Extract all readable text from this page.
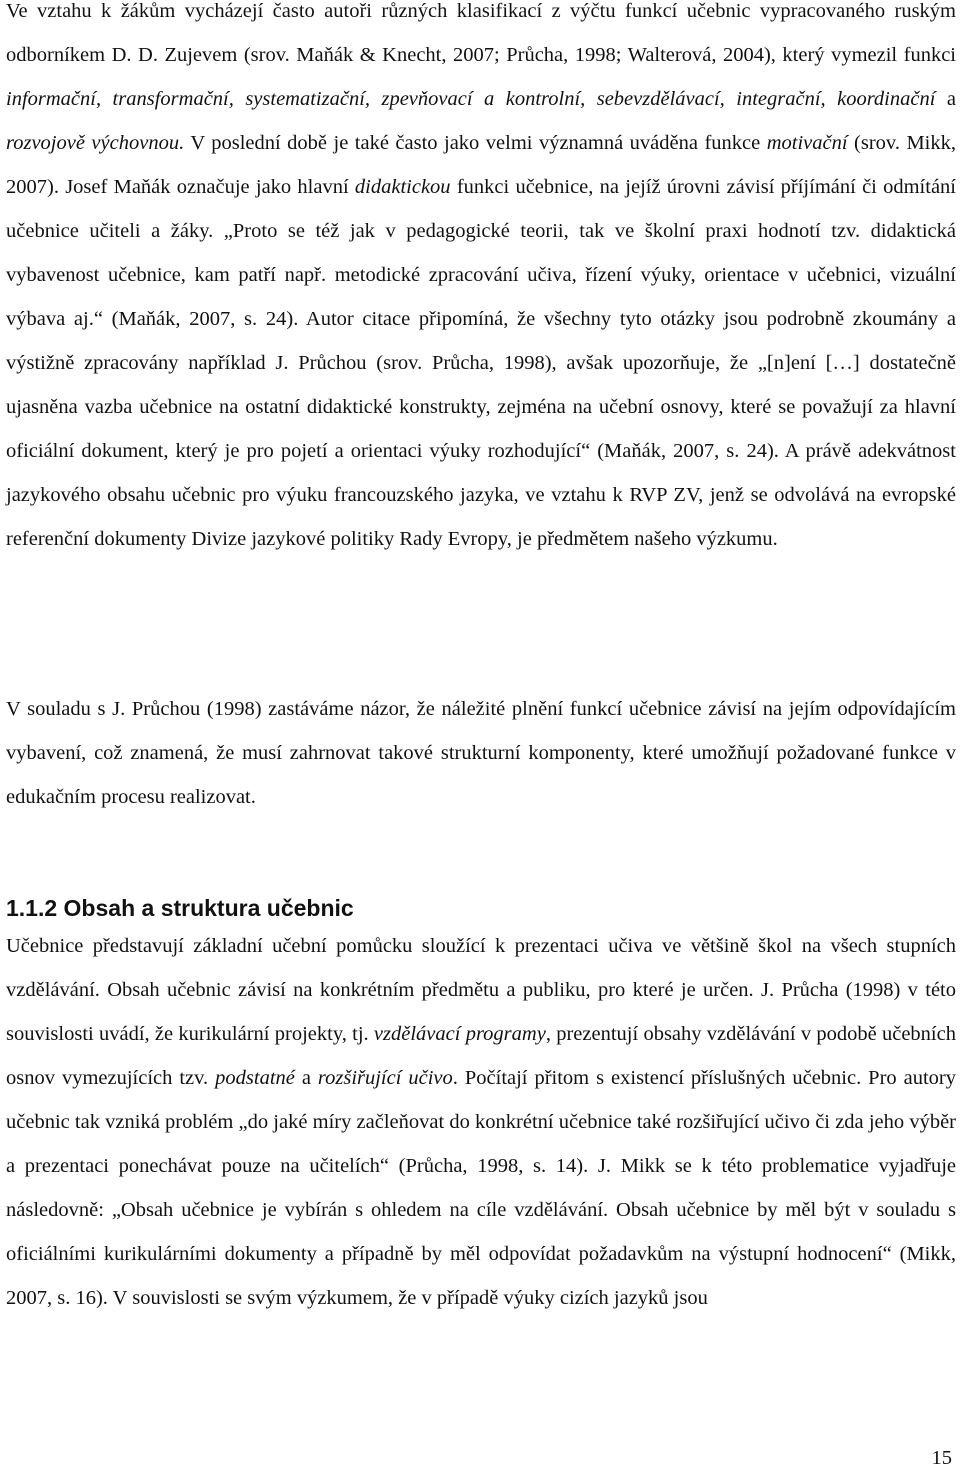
Ve vztahu k žákům vycházejí často autoři různých klasifikací z výčtu funkcí učebnic vypracovaného ruským odborníkem D. D. Zujevem (srov. Maňák & Knecht, 2007; Průcha, 1998; Walterová, 2004), který vymezil funkci informační, transformační, systematizační, zpevňovací a kontrolní, sebevzdělávací, integrační, koordinační a rozvojově výchovnou. V poslední době je také často jako velmi významná uváděna funkce motivační (srov. Mikk, 2007). Josef Maňák označuje jako hlavní didaktickou funkci učebnice, na jejíž úrovni závisí příjímání či odmítání učebnice učiteli a žáky. „Proto se též jak v pedagogické teorii, tak ve školní praxi hodnotí tzv. didaktická vybavenost učebnice, kam patří např. metodické zpracování učiva, řízení výuky, orientace v učebnici, vizuální výbava aj.“ (Maňák, 2007, s. 24). Autor citace připomíná, že všechny tyto otázky jsou podrobně zkoumány a výstižně zpracovány například J. Průchou (srov. Průcha, 1998), avšak upozorňuje, že „[n]ení […] dostatečně ujasněna vazba učebnice na ostatní didaktické konstrukty, zejména na učební osnovy, které se považují za hlavní oficiální dokument, který je pro pojetí a orientaci výuky rozhodující“ (Maňák, 2007, s. 24). A právě adekvátnost jazykového obsahu učebnic pro výuku francouzského jazyka, ve vztahu k RVP ZV, jenž se odvolává na evropské referenční dokumenty Divize jazykové politiky Rady Evropy, je předmětem našeho výzkumu.

V souladu s J. Průchou (1998) zastáváme názor, že náležité plnění funkcí učebnice závisí na jejím odpovídajícím vybavení, což znamená, že musí zahrnovat takové strukturní komponenty, které umožňují požadované funkce v edukačním procesu realizovat.

1.1.2 Obsah a struktura učebnic

Učebnice představují základní učební pomůcku sloužící k prezentaci učiva ve většině škol na všech stupních vzdělávání. Obsah učebnic závisí na konkrétním předmětu a publiku, pro které je určen. J. Průcha (1998) v této souvislosti uvádí, že kurikulární projekty, tj. vzdělávací programy, prezentují obsahy vzdělávání v podobě učebních osnov vymezujících tzv. podstatné a rozšiřující učivo. Počítají přitom s existencí příslušných učebnic. Pro autory učebnic tak vzniká problém „do jaké míry začleňovat do konkrétní učebnice také rozšiřující učivo či zda jeho výběr a prezentaci ponechávat pouze na učitelích“ (Průcha, 1998, s. 14). J. Mikk se k této problematice vyjadřuje následovně: „Obsah učebnice je vybírán s ohledem na cíle vzdělávání. Obsah učebnice by měl být v souladu s oficiálními kurikulárními dokumenty a případně by měl odpovídat požadavkům na výstupní hodnocení“ (Mikk, 2007, s. 16). V souvislosti se svým výzkumem, že v případě výuky cizích jazyků jsou

15
